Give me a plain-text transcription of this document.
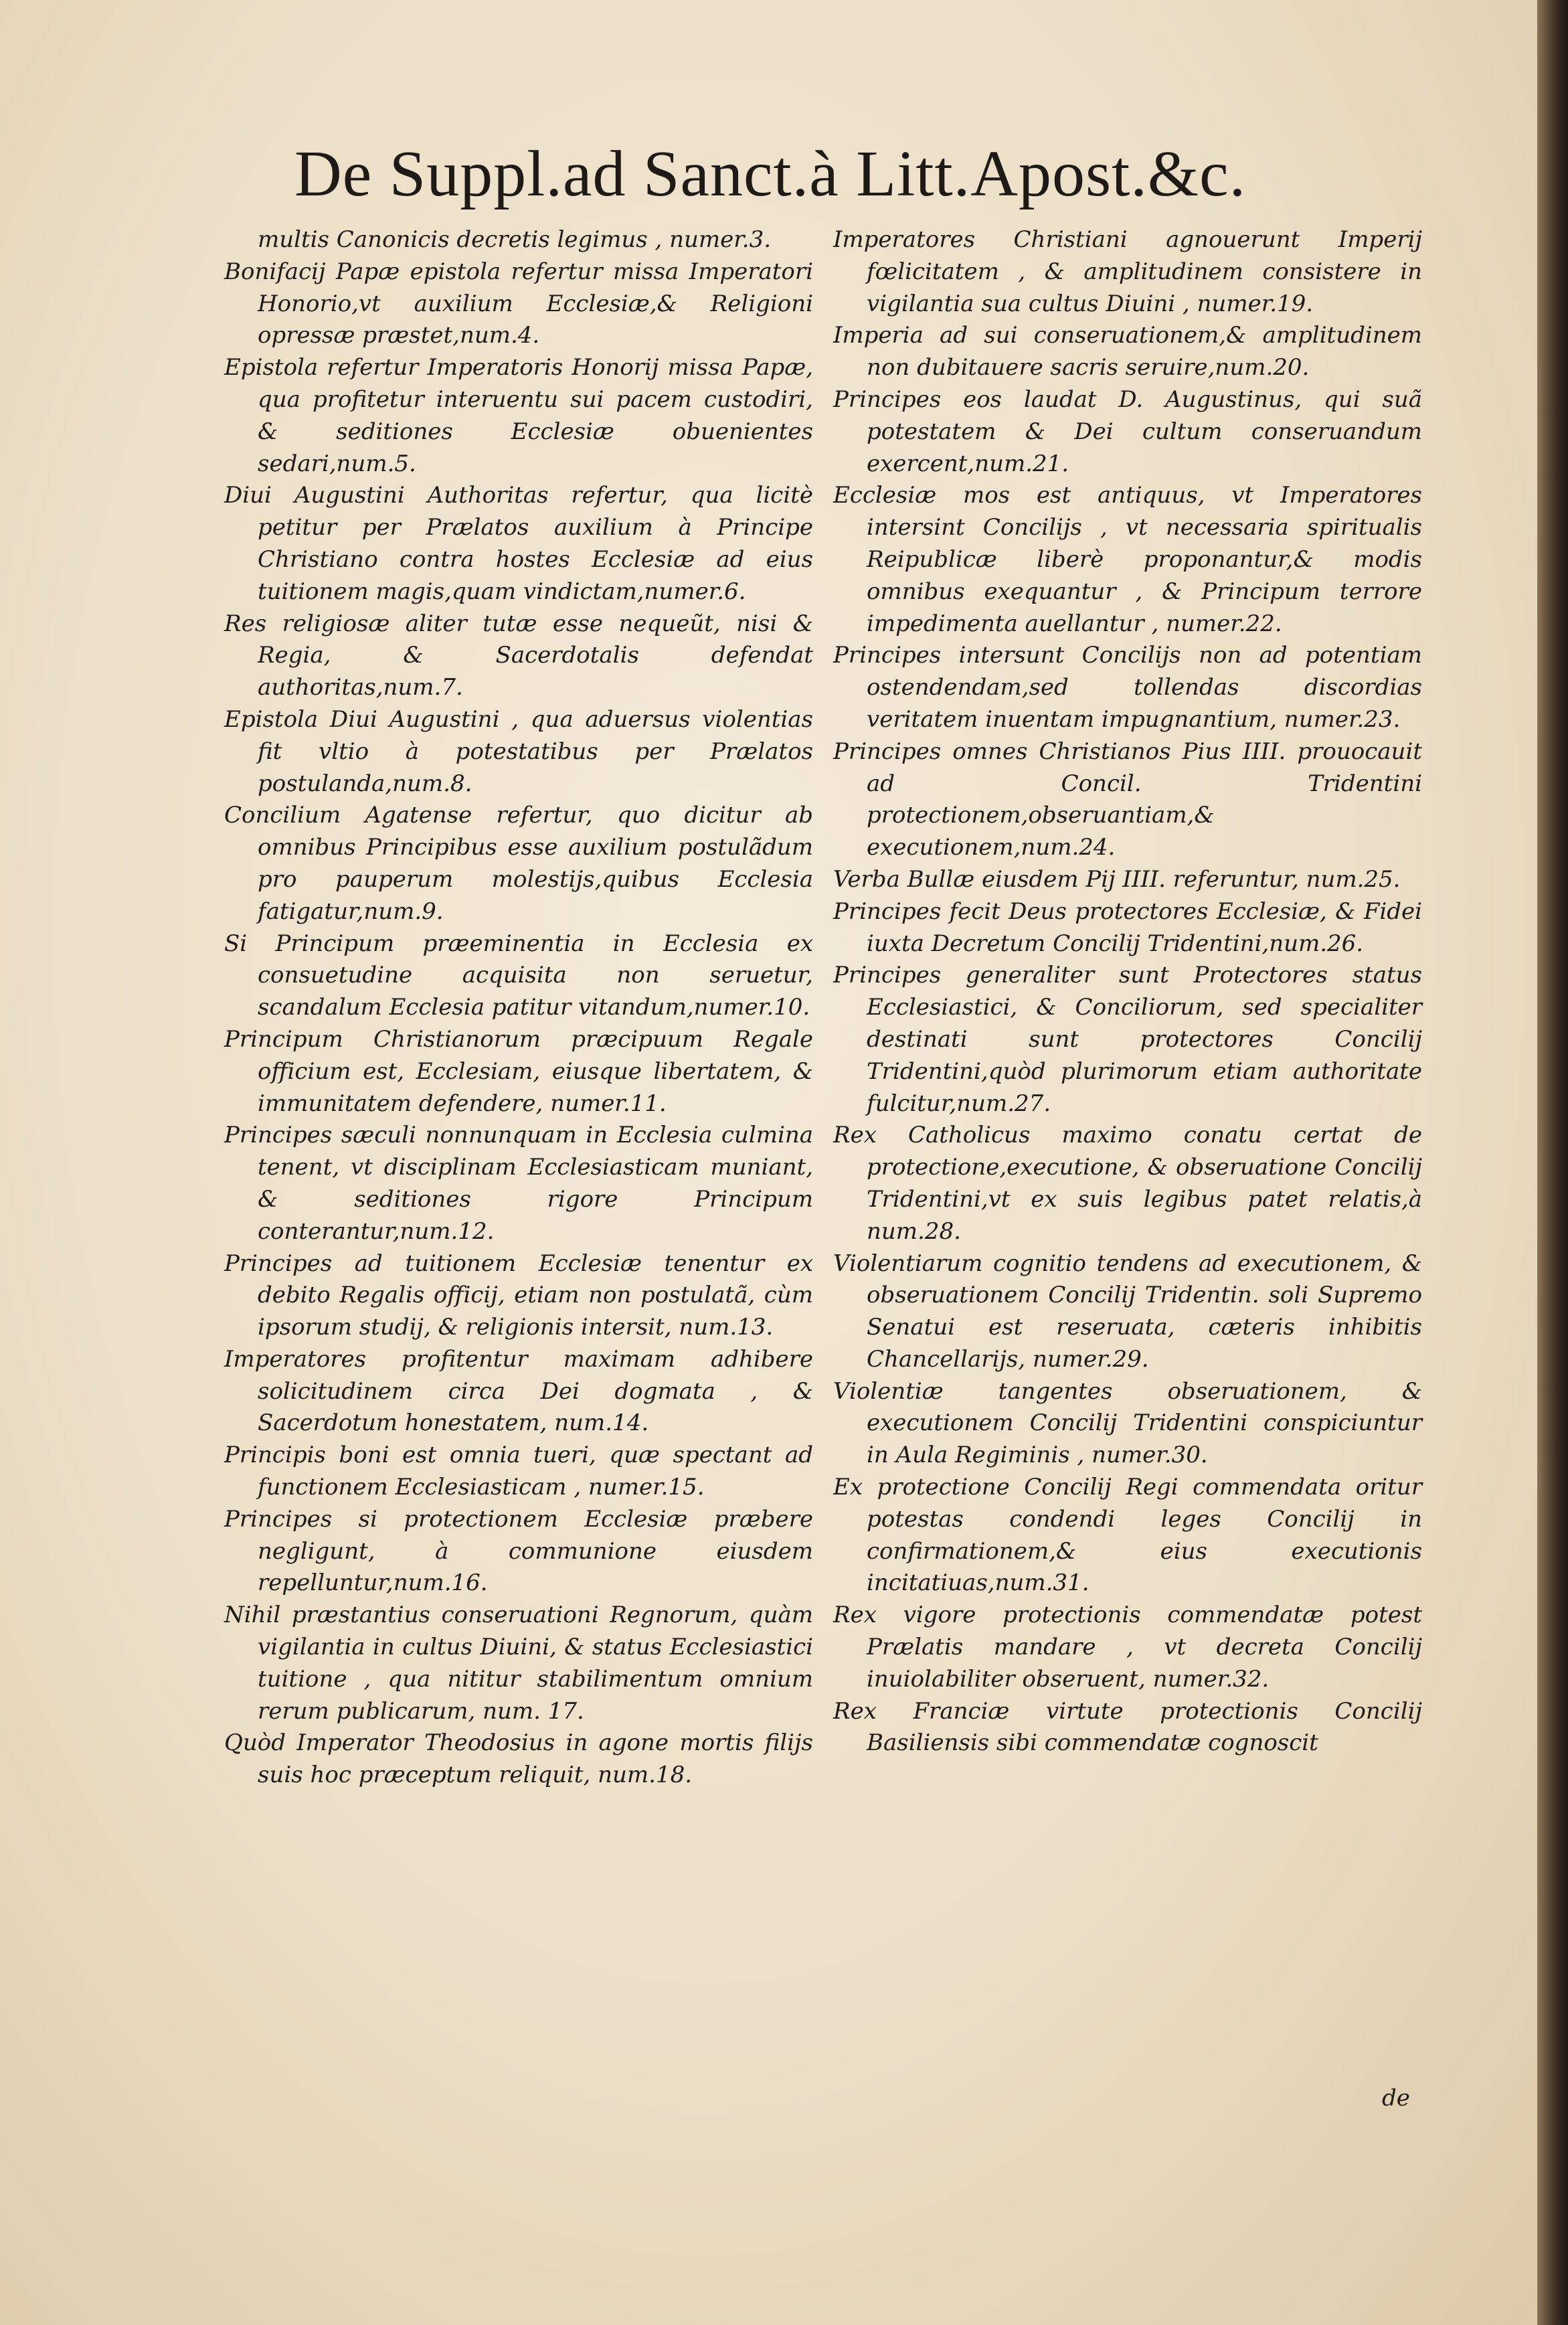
De Suppl.ad Sanct.à Litt.Apost.&c.

multis Canonicis decretis legimus , numer.3.

Bonifacij Papæ epistola refertur missa Imperatori Honorio,vt auxilium Ecclesiæ,& Religioni opressæ præstet,num.4.

Epistola refertur Imperatoris Honorij missa Papæ, qua profitetur interuentu sui pacem custodiri, & seditiones Ecclesiæ obuenientes sedari,num.5.

Diui Augustini Authoritas refertur, qua licitè petitur per Prælatos auxilium à Principe Christiano contra hostes Ecclesiæ ad eius tuitionem magis,quam vindictam,numer.6.

Res religiosæ aliter tutæ esse nequeũt, nisi & Regia, & Sacerdotalis defendat authoritas,num.7.

Epistola Diui Augustini , qua aduersus violentias fit vltio à potestatibus per Prælatos postulanda,num.8.

Concilium Agatense refertur, quo dicitur ab omnibus Principibus esse auxilium postulãdum pro pauperum molestijs,quibus Ecclesia fatigatur,num.9.

Si Principum præeminentia in Ecclesia ex consuetudine acquisita non seruetur, scandalum Ecclesia patitur vitandum,numer.10.

Principum Christianorum præcipuum Regale officium est, Ecclesiam, eiusque libertatem, & immunitatem defendere, numer.11.

Principes sæculi nonnunquam in Ecclesia culmina tenent, vt disciplinam Ecclesiasticam muniant, & seditiones rigore Principum conterantur,num.12.

Principes ad tuitionem Ecclesiæ tenentur ex debito Regalis officij, etiam non postulatã, cùm ipsorum studij, & religionis intersit, num.13.

Imperatores profitentur maximam adhibere solicitudinem circa Dei dogmata , & Sacerdotum honestatem, num.14.

Principis boni est omnia tueri, quæ spectant ad functionem Ecclesiasticam , numer.15.

Principes si protectionem Ecclesiæ præbere negligunt, à communione eiusdem repelluntur,num.16.

Nihil præstantius conseruationi Regnorum, quàm vigilantia in cultus Diuini, & status Ecclesiastici tuitione , qua nititur stabilimentum omnium rerum publicarum, num. 17.

Quòd Imperator Theodosius in agone mortis filijs suis hoc præceptum reliquit, num.18.

Imperatores Christiani agnouerunt Imperij fœlicitatem , & amplitudinem consistere in vigilantia sua cultus Diuini , numer.19.

Imperia ad sui conseruationem,& amplitudinem non dubitauere sacris seruire,num.20.

Principes eos laudat D. Augustinus, qui suã potestatem & Dei cultum conseruandum exercent,num.21.

Ecclesiæ mos est antiquus, vt Imperatores intersint Concilijs , vt necessaria spiritualis Reipublicæ liberè proponantur,& modis omnibus exequantur , & Principum terrore impedimenta auellantur , numer.22.

Principes intersunt Concilijs non ad potentiam ostendendam,sed tollendas discordias veritatem inuentam impugnantium, numer.23.

Principes omnes Christianos Pius IIII. prouocauit ad Concil. Tridentini protectionem,obseruantiam,& executionem,num.24.

Verba Bullæ eiusdem Pij IIII. referuntur, num.25.

Principes fecit Deus protectores Ecclesiæ, & Fidei iuxta Decretum Concilij Tridentini,num.26.

Principes generaliter sunt Protectores status Ecclesiastici, & Conciliorum, sed specialiter destinati sunt protectores Concilij Tridentini,quòd plurimorum etiam authoritate fulcitur,num.27.

Rex Catholicus maximo conatu certat de protectione,executione, & obseruatione Concilij Tridentini,vt ex suis legibus patet relatis,à num.28.

Violentiarum cognitio tendens ad executionem, & obseruationem Concilij Tridentin. soli Supremo Senatui est reseruata, cæteris inhibitis Chancellarijs, numer.29.

Violentiæ tangentes obseruationem, & executionem Concilij Tridentini conspiciuntur in Aula Regiminis , numer.30.

Ex protectione Concilij Regi commendata oritur potestas condendi leges Concilij in confirmationem,& eius executionis incitatiuas,num.31.

Rex vigore protectionis commendatæ potest Prælatis mandare , vt decreta Concilij inuiolabiliter obseruent, numer.32.

Rex Franciæ virtute protectionis Concilij Basiliensis sibi commendatæ cognoscit

de
